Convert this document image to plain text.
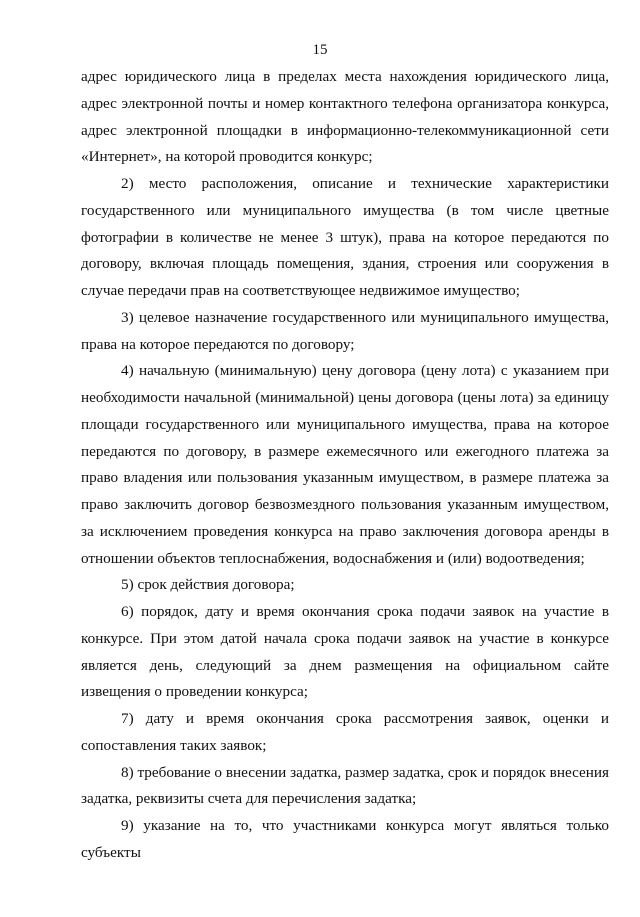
15

адрес юридического лица в пределах места нахождения юридического лица, адрес электронной почты и номер контактного телефона организатора конкурса, адрес электронной площадки в информационно-телекоммуникационной сети «Интернет», на которой проводится конкурс;

2) место расположения, описание и технические характеристики государственного или муниципального имущества (в том числе цветные фотографии в количестве не менее 3 штук), права на которое передаются по договору, включая площадь помещения, здания, строения или сооружения в случае передачи прав на соответствующее недвижимое имущество;

3) целевое назначение государственного или муниципального имущества, права на которое передаются по договору;

4) начальную (минимальную) цену договора (цену лота) с указанием при необходимости начальной (минимальной) цены договора (цены лота) за единицу площади государственного или муниципального имущества, права на которое передаются по договору, в размере ежемесячного или ежегодного платежа за право владения или пользования указанным имуществом, в размере платежа за право заключить договор безвозмездного пользования указанным имуществом, за исключением проведения конкурса на право заключения договора аренды в отношении объектов теплоснабжения, водоснабжения и (или) водоотведения;

5) срок действия договора;

6) порядок, дату и время окончания срока подачи заявок на участие в конкурсе. При этом датой начала срока подачи заявок на участие в конкурсе является день, следующий за днем размещения на официальном сайте извещения о проведении конкурса;

7) дату и время окончания срока рассмотрения заявок, оценки и сопоставления таких заявок;

8) требование о внесении задатка, размер задатка, срок и порядок внесения задатка, реквизиты счета для перечисления задатка;

9) указание на то, что участниками конкурса могут являться только субъекты
